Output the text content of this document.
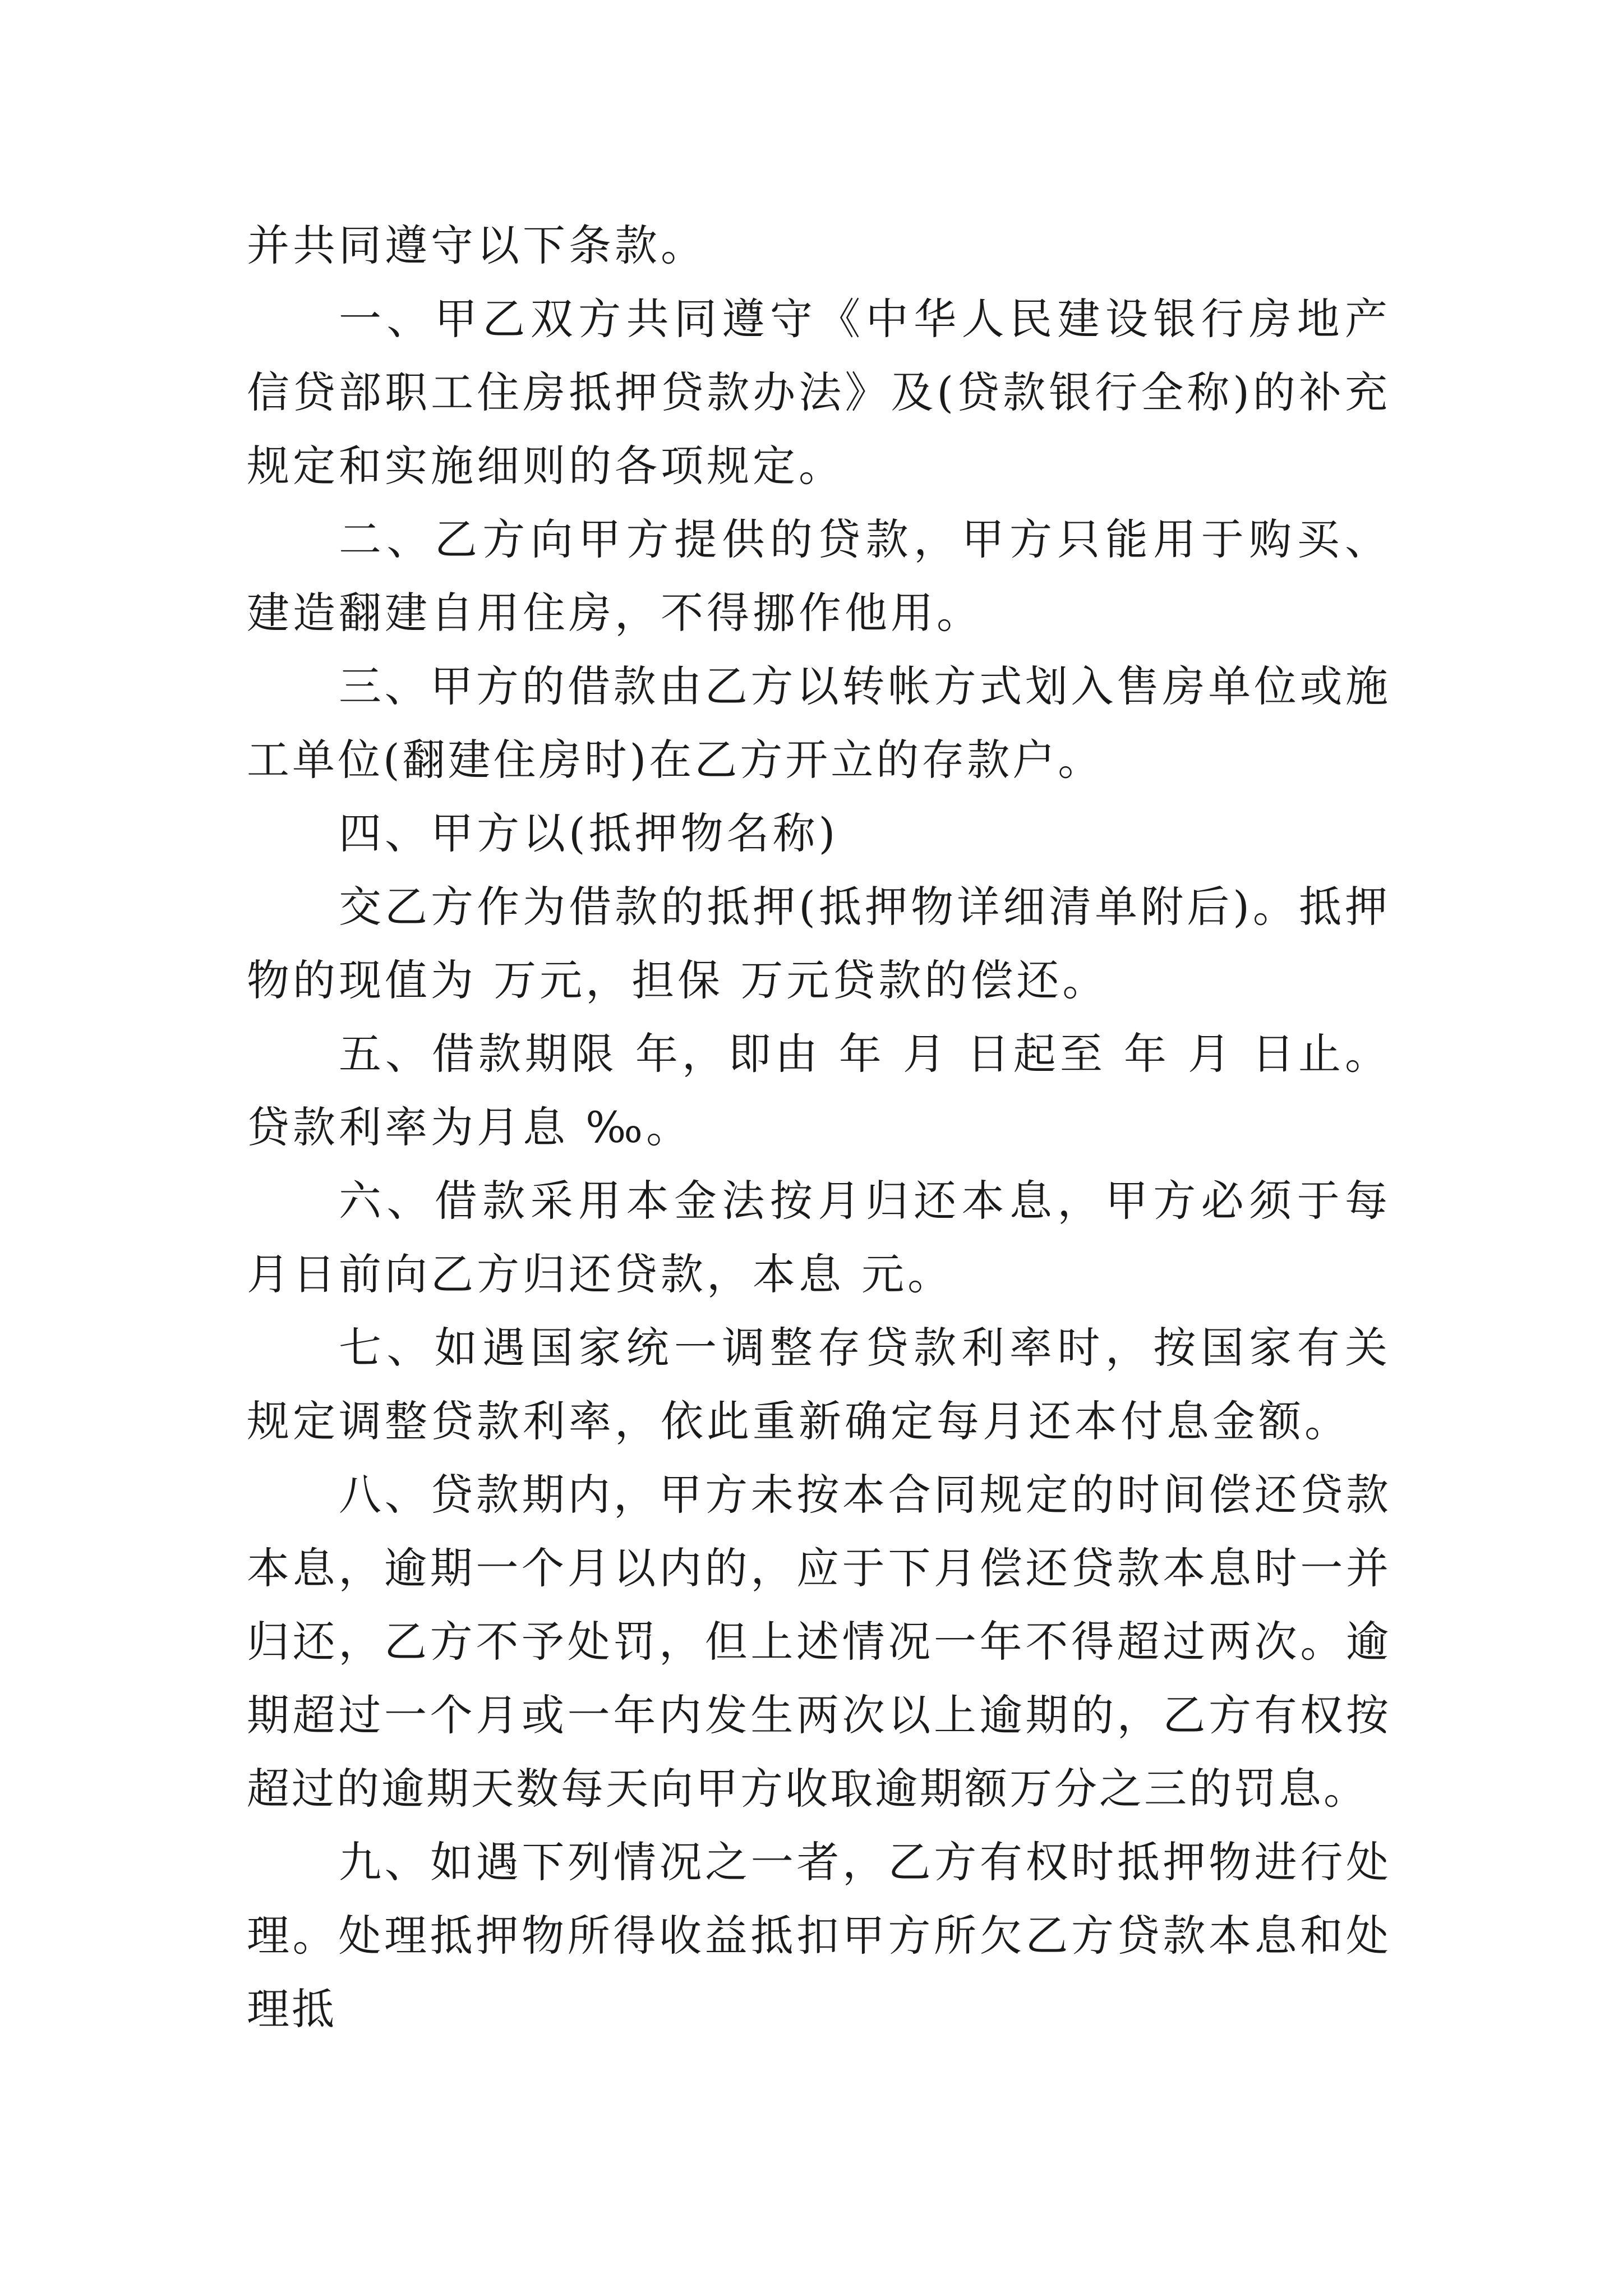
并共同遵守以下条款。

一、甲乙双方共同遵守《中华人民建设银行房地产信贷部职工住房抵押贷款办法》及(贷款银行全称)的补充规定和实施细则的各项规定。

二、乙方向甲方提供的贷款，甲方只能用于购买、建造翻建自用住房，不得挪作他用。

三、甲方的借款由乙方以转帐方式划入售房单位或施工单位(翻建住房时)在乙方开立的存款户。

四、甲方以(抵押物名称)

交乙方作为借款的抵押(抵押物详细清单附后)。抵押物的现值为 万元，担保 万元贷款的偿还。

五、借款期限 年，即由 年 月 日起至 年 月 日止。贷款利率为月息 ‰。

六、借款采用本金法按月归还本息，甲方必须于每月日前向乙方归还贷款，本息 元。

七、如遇国家统一调整存贷款利率时，按国家有关规定调整贷款利率，依此重新确定每月还本付息金额。

八、贷款期内，甲方未按本合同规定的时间偿还贷款本息，逾期一个月以内的，应于下月偿还贷款本息时一并归还，乙方不予处罚，但上述情况一年不得超过两次。逾期超过一个月或一年内发生两次以上逾期的，乙方有权按超过的逾期天数每天向甲方收取逾期额万分之三的罚息。

九、如遇下列情况之一者，乙方有权时抵押物进行处理。处理抵押物所得收益抵扣甲方所欠乙方贷款本息和处理抵
